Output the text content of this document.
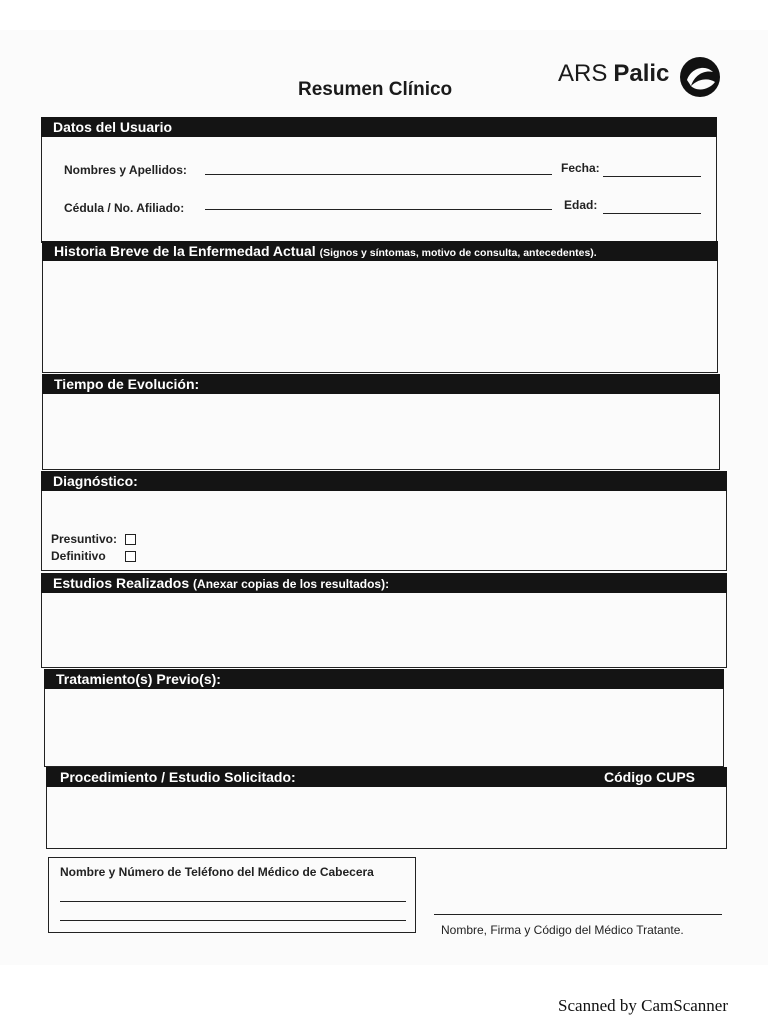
Resumen Clínico
ARS Palic
Datos del Usuario
Nombres y Apellidos:	Fecha:
Cédula / No. Afiliado:	Edad:
Historia Breve de la Enfermedad Actual (Signos y síntomas, motivo de consulta, antecedentes).
Tiempo de Evolución:
Diagnóstico:
Presuntivo:
Definitivo
Estudios Realizados (Anexar copias de los resultados):
Tratamiento(s) Previo(s):
Procedimiento / Estudio Solicitado:	Código CUPS
Nombre y Número de Teléfono del Médico de Cabecera
Nombre, Firma y Código del Médico Tratante.
Scanned by CamScanner
